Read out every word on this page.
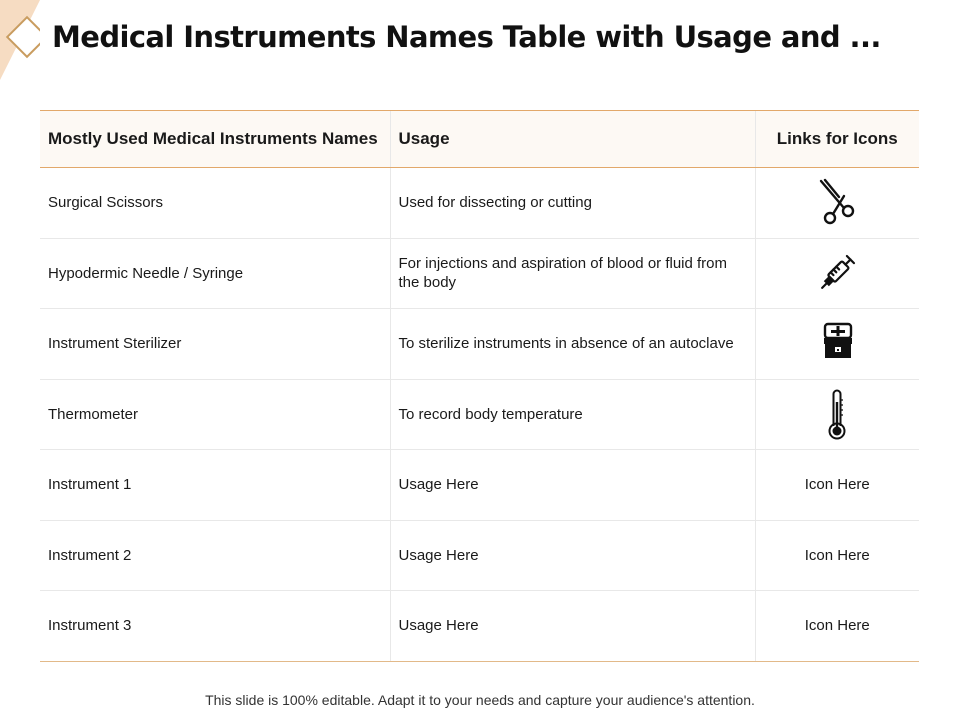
Medical Instruments Names Table with Usage and ...
Mostly Used Medical Instruments Names	Usage	Links for Icons
Surgical Scissors	Used for dissecting or cutting	
Hypodermic Needle / Syringe	For injections and aspiration of blood or fluid from the body	
Instrument Sterilizer	To sterilize instruments in absence of an autoclave	
Thermometer	To record body temperature	
Instrument 1	Usage Here	Icon Here
Instrument 2	Usage Here	Icon Here
Instrument 3	Usage Here	Icon Here
This slide is 100% editable. Adapt it to your needs and capture your audience's attention.
